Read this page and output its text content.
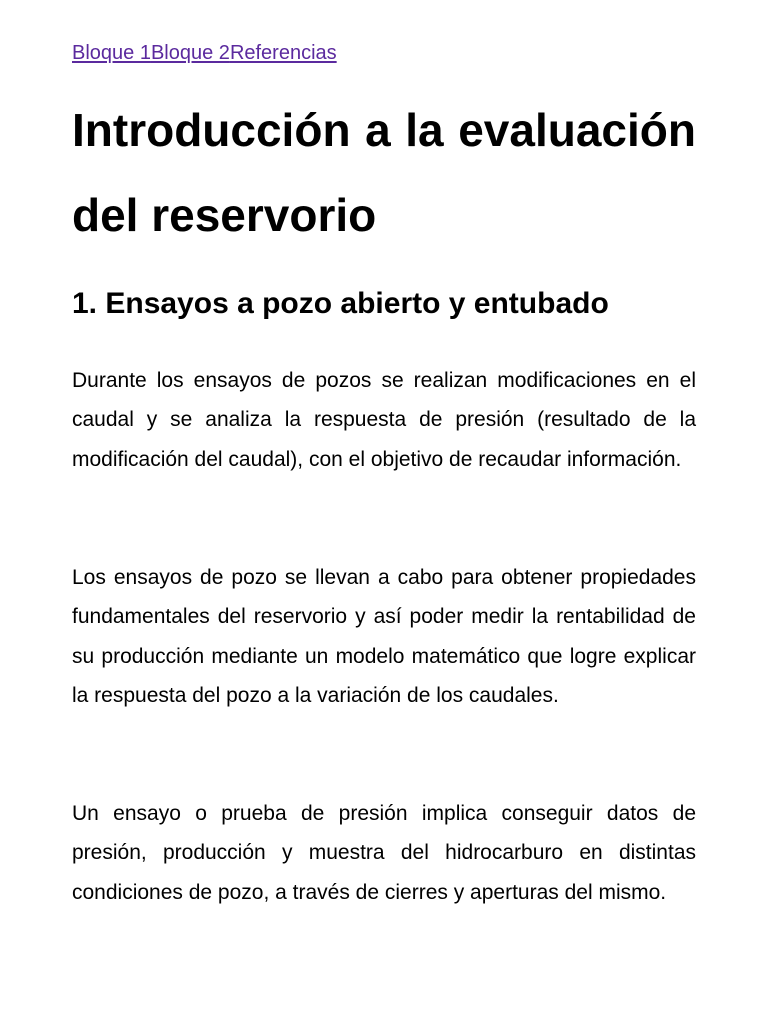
Bloque 1Bloque 2Referencias
Introducción a la evaluación del reservorio
1. Ensayos a pozo abierto y entubado

Durante los ensayos de pozos se realizan modificaciones en el caudal y se analiza la respuesta de presión (resultado de la modificación del caudal), con el objetivo de recaudar información.

Los ensayos de pozo se llevan a cabo para obtener propiedades fundamentales del reservorio y así poder medir la rentabilidad de su producción mediante un modelo matemático que logre explicar la respuesta del pozo a la variación de los caudales.

Un ensayo o prueba de presión implica conseguir datos de presión, producción y muestra del hidrocarburo en distintas condiciones de pozo, a través de cierres y aperturas del mismo.
